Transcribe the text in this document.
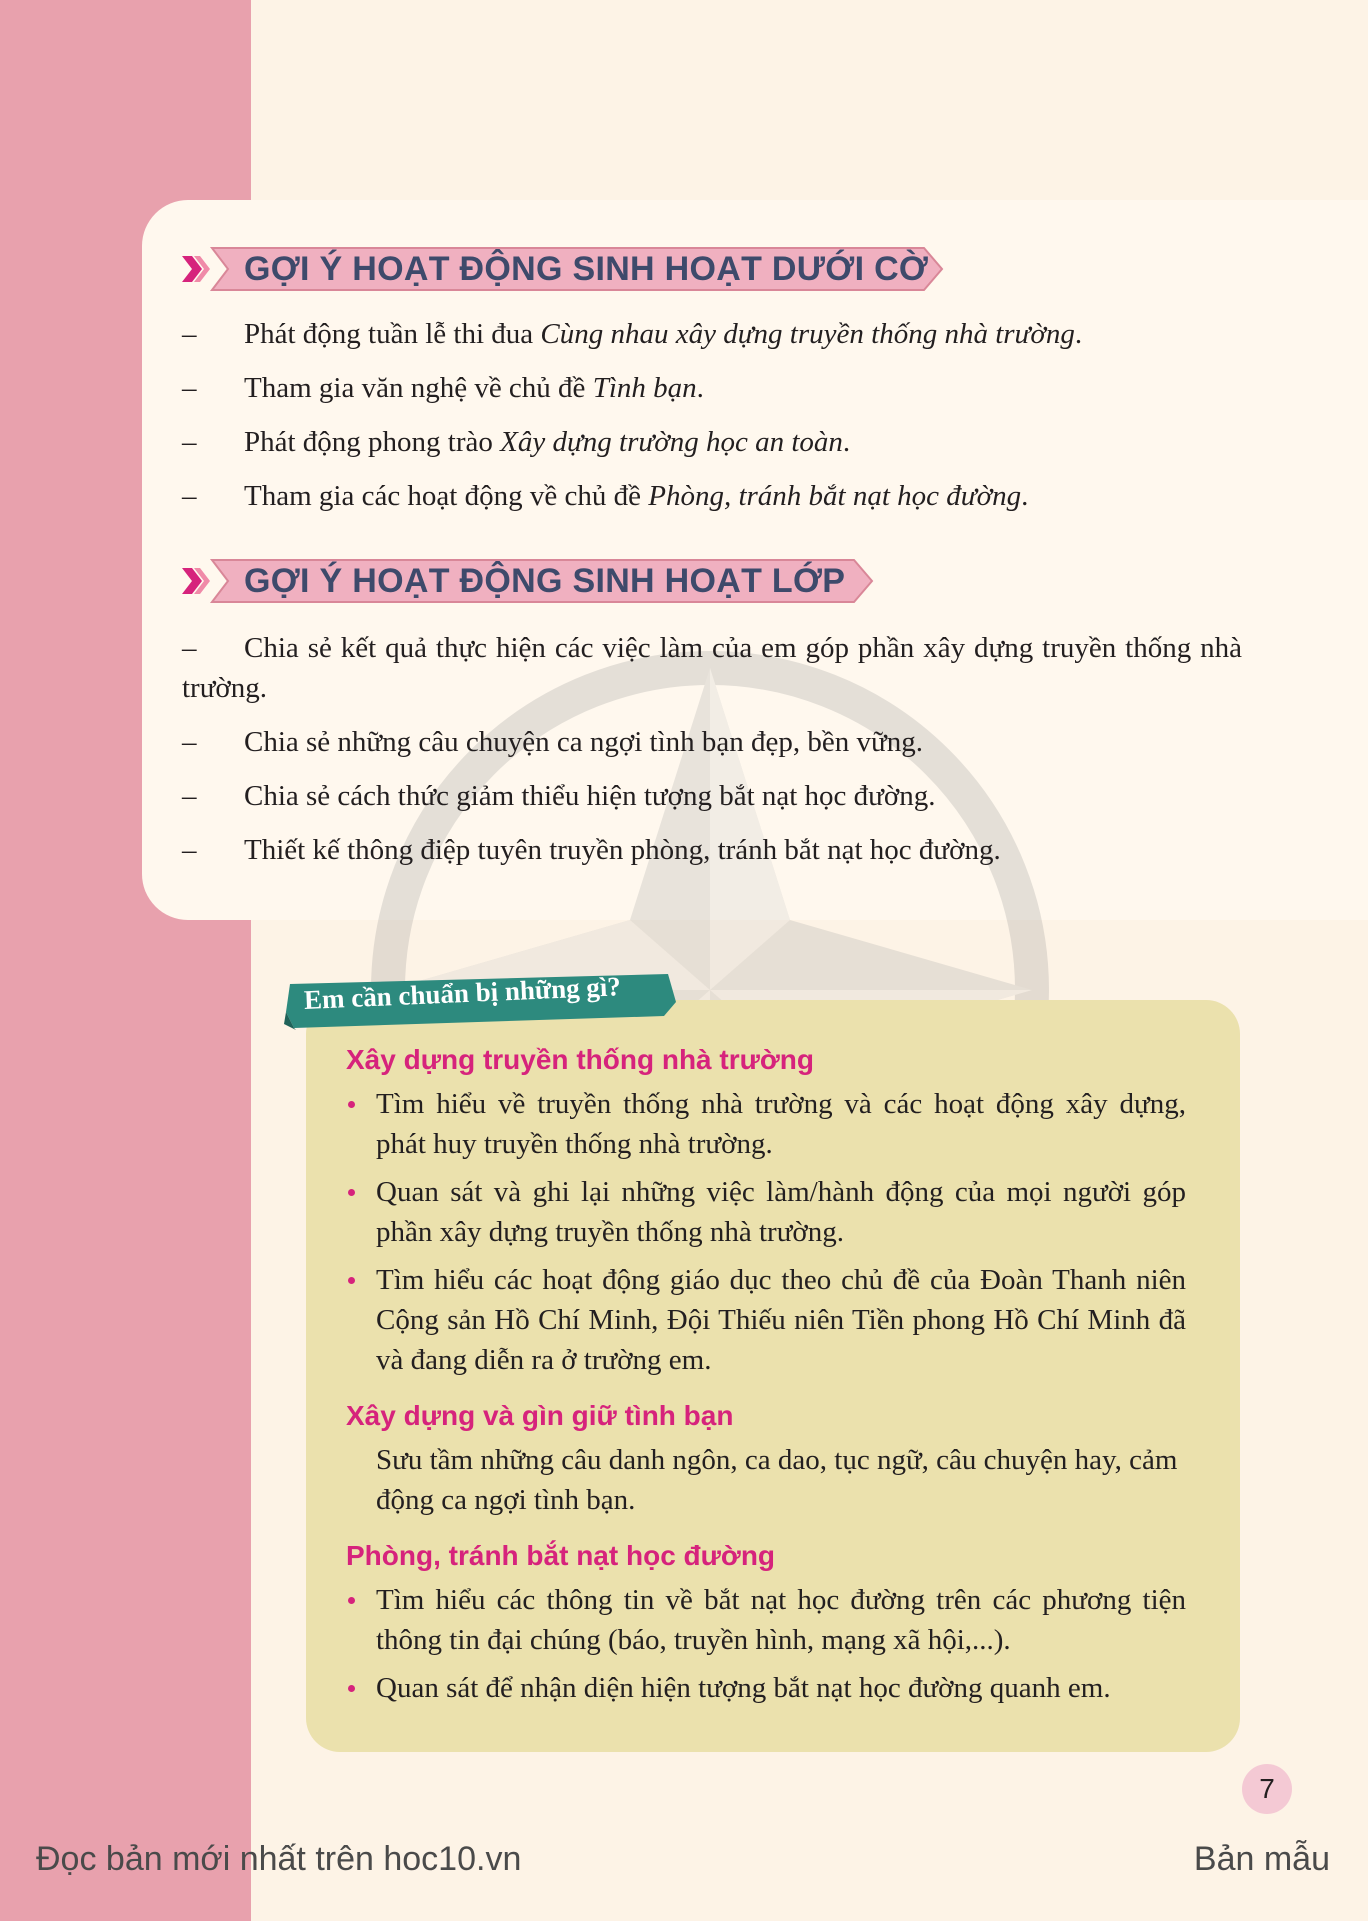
GỢI Ý HOẠT ĐỘNG SINH HOẠT DƯỚI CỜ
– Phát động tuần lễ thi đua Cùng nhau xây dựng truyền thống nhà trường.
– Tham gia văn nghệ về chủ đề Tình bạn.
– Phát động phong trào Xây dựng trường học an toàn.
– Tham gia các hoạt động về chủ đề Phòng, tránh bắt nạt học đường.
GỢI Ý HOẠT ĐỘNG SINH HOẠT LỚP
– Chia sẻ kết quả thực hiện các việc làm của em góp phần xây dựng truyền thống nhà trường.
– Chia sẻ những câu chuyện ca ngợi tình bạn đẹp, bền vững.
– Chia sẻ cách thức giảm thiểu hiện tượng bắt nạt học đường.
– Thiết kế thông điệp tuyên truyền phòng, tránh bắt nạt học đường.
Em cần chuẩn bị những gì?
Xây dựng truyền thống nhà trường
Tìm hiểu về truyền thống nhà trường và các hoạt động xây dựng, phát huy truyền thống nhà trường.
Quan sát và ghi lại những việc làm/hành động của mọi người góp phần xây dựng truyền thống nhà trường.
Tìm hiểu các hoạt động giáo dục theo chủ đề của Đoàn Thanh niên Cộng sản Hồ Chí Minh, Đội Thiếu niên Tiền phong Hồ Chí Minh đã và đang diễn ra ở trường em.
Xây dựng và gìn giữ tình bạn
Sưu tầm những câu danh ngôn, ca dao, tục ngữ, câu chuyện hay, cảm động ca ngợi tình bạn.
Phòng, tránh bắt nạt học đường
Tìm hiểu các thông tin về bắt nạt học đường trên các phương tiện thông tin đại chúng (báo, truyền hình, mạng xã hội,...).
Quan sát để nhận diện hiện tượng bắt nạt học đường quanh em.
7
Đọc bản mới nhất trên hoc10.vn	Bản mẫu
